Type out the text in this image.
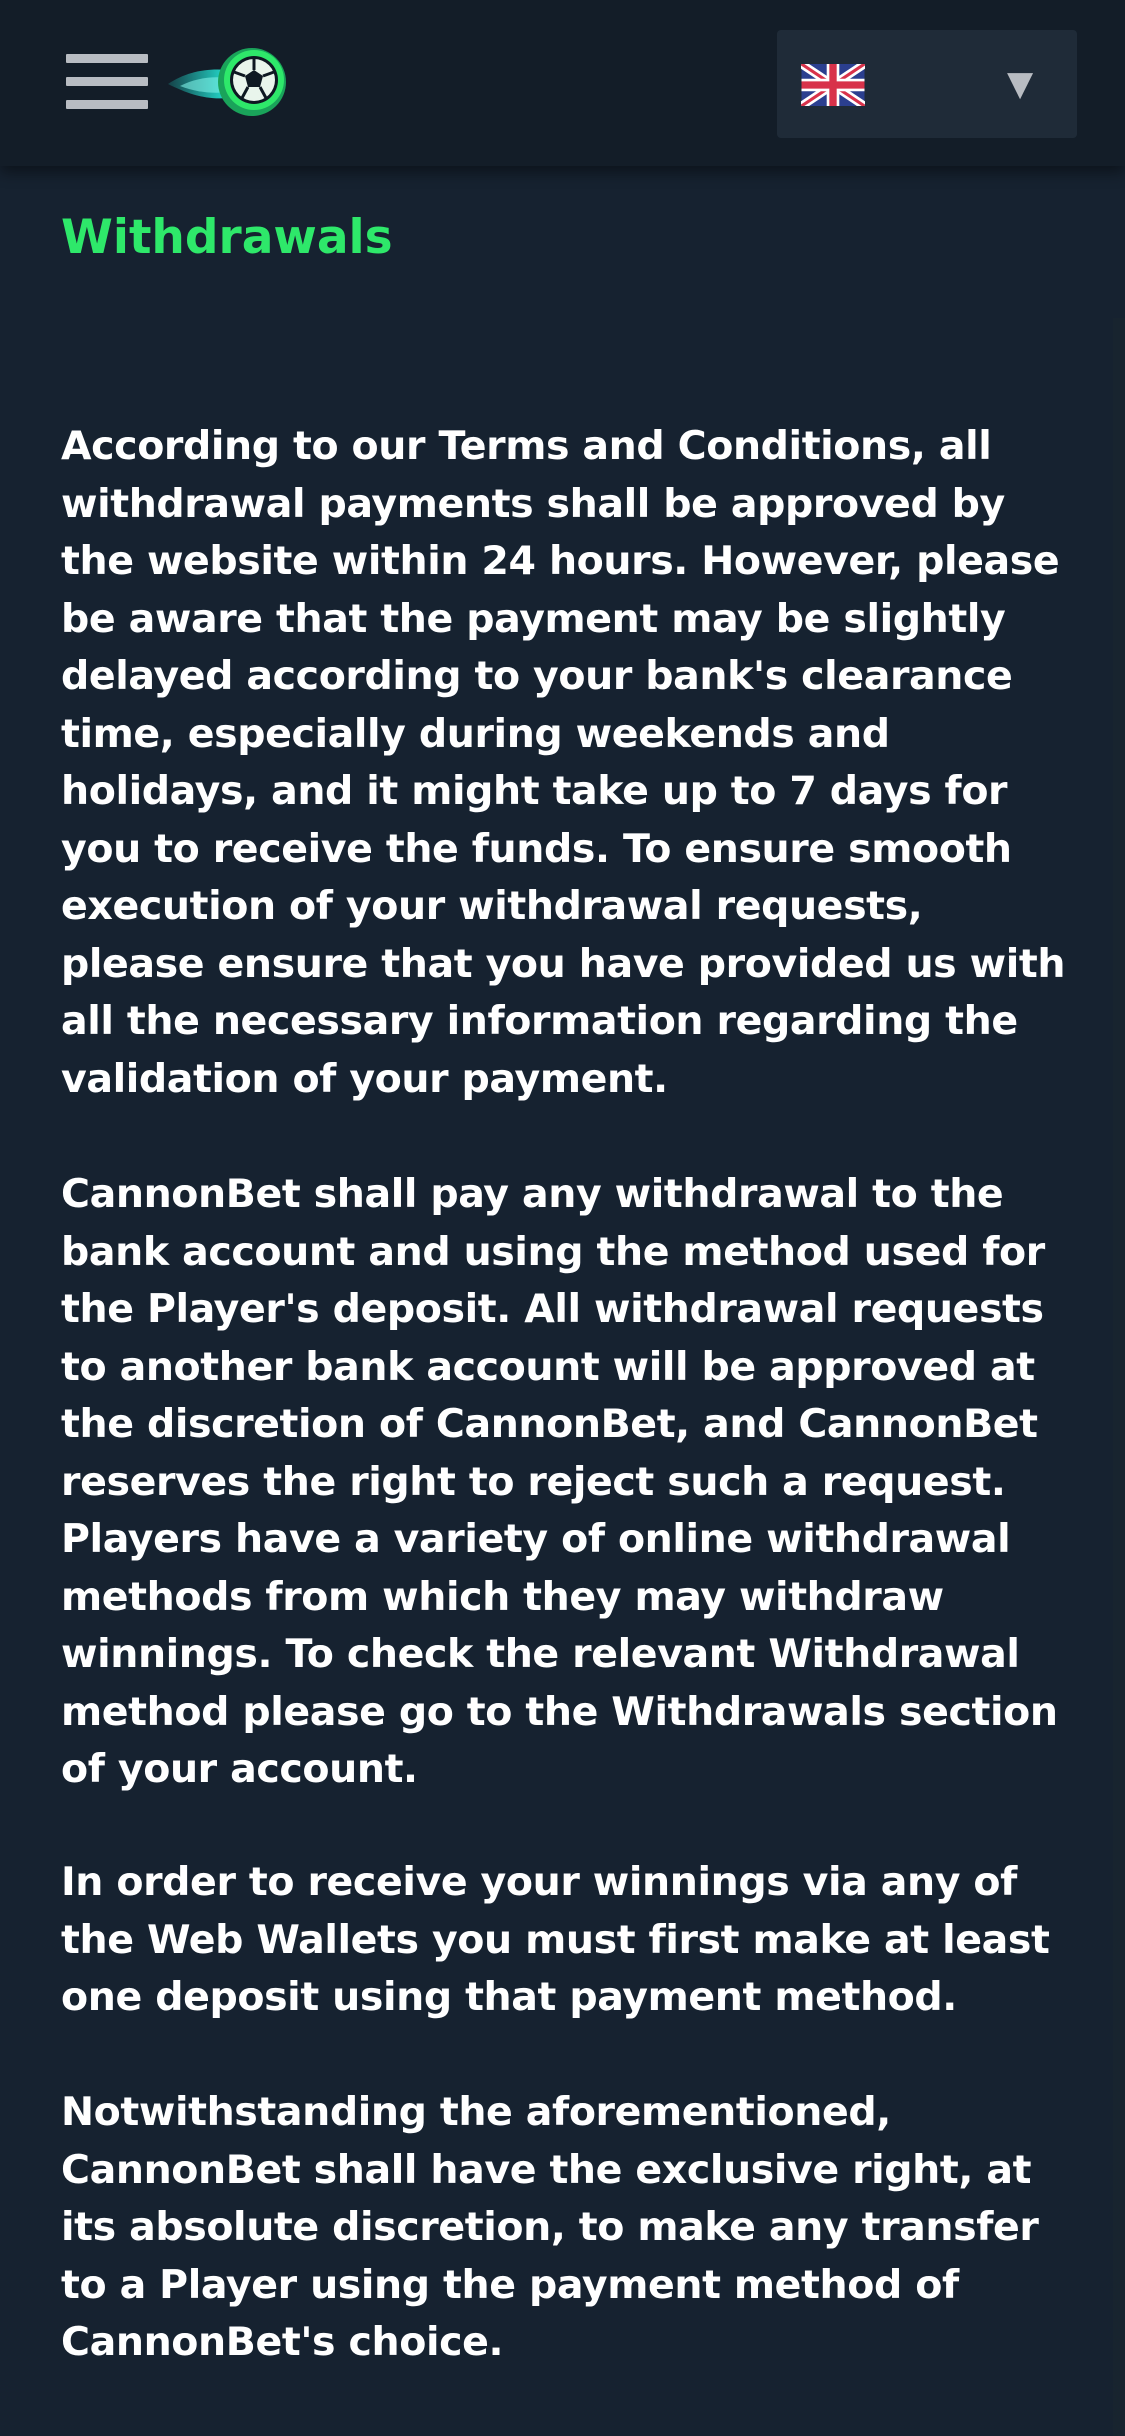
▼
Withdrawals

According to our Terms and Conditions, all withdrawal payments shall be approved by the website within 24 hours. However, please be aware that the payment may be slightly delayed according to your bank's clearance time, especially during weekends and holidays, and it might take up to 7 days for you to receive the funds. To ensure smooth execution of your withdrawal requests, please ensure that you have provided us with all the necessary information regarding the validation of your payment.

CannonBet shall pay any withdrawal to the bank account and using the method used for the Player's deposit. All withdrawal requests to another bank account will be approved at the discretion of CannonBet, and CannonBet reserves the right to reject such a request. Players have a variety of online withdrawal methods from which they may withdraw winnings. To check the relevant Withdrawal method please go to the Withdrawals section of your account.

In order to receive your winnings via any of the Web Wallets you must first make at least one deposit using that payment method.

Notwithstanding the aforementioned, CannonBet shall have the exclusive right, at its absolute discretion, to make any transfer to a Player using the payment method of CannonBet's choice.
